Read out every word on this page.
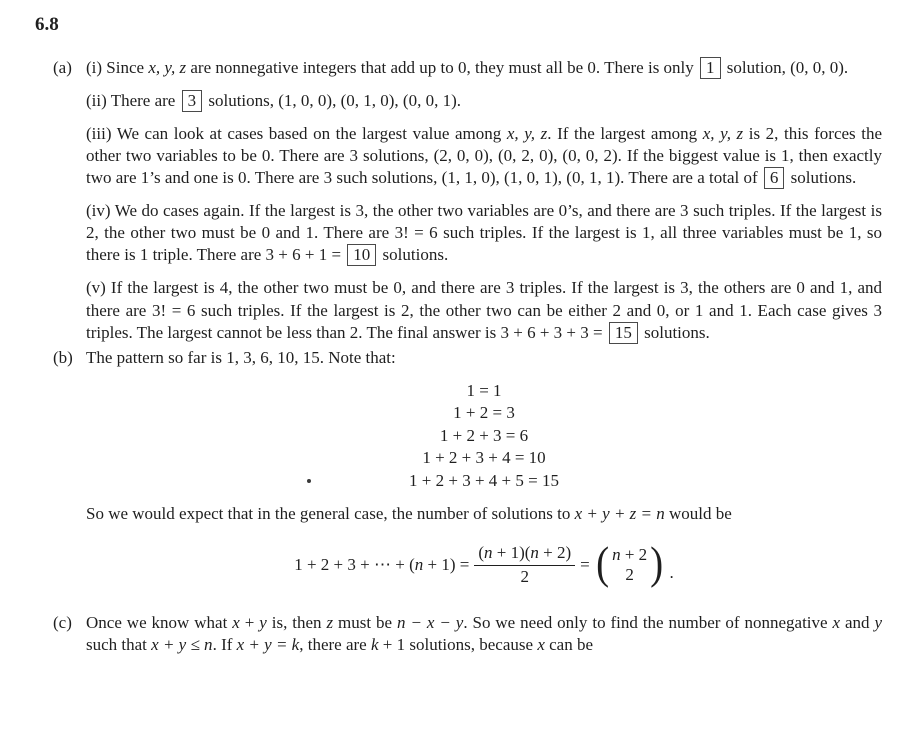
6.8
(a) (i) Since x, y, z are nonnegative integers that add up to 0, they must all be 0. There is only 1 solution, (0, 0, 0).

(ii) There are 3 solutions, (1, 0, 0), (0, 1, 0), (0, 0, 1).

(iii) We can look at cases based on the largest value among x, y, z. If the largest among x, y, z is 2, this forces the other two variables to be 0. There are 3 solutions, (2, 0, 0), (0, 2, 0), (0, 0, 2). If the biggest value is 1, then exactly two are 1’s and one is 0. There are 3 such solutions, (1, 1, 0), (1, 0, 1), (0, 1, 1). There are a total of 6 solutions.

(iv) We do cases again. If the largest is 3, the other two variables are 0’s, and there are 3 such triples. If the largest is 2, the other two must be 0 and 1. There are 3! = 6 such triples. If the largest is 1, all three variables must be 1, so there is 1 triple. There are 3 + 6 + 1 = 10 solutions.

(v) If the largest is 4, the other two must be 0, and there are 3 triples. If the largest is 3, the others are 0 and 1, and there are 3! = 6 such triples. If the largest is 2, the other two can be either 2 and 0, or 1 and 1. Each case gives 3 triples. The largest cannot be less than 2. The final answer is 3 + 6 + 3 + 3 = 15 solutions.

(b) The pattern so far is 1, 3, 6, 10, 15. Note that:

1 = 1
1 + 2 = 3
1 + 2 + 3 = 6
1 + 2 + 3 + 4 = 10
1 + 2 + 3 + 4 + 5 = 15

So we would expect that in the general case, the number of solutions to x + y + z = n would be

1 + 2 + 3 + ⋯ + $(n + 1) = \frac{(n + 1)(n + 2)}{2}$ = ( n + 2
2 ) .
(c) Once we know what x + y is, then z must be n − x − y. So we need only to find the number of nonnegative x and y such that x + y ≤ n. If x + y = k, there are k + 1 solutions, because x can be
